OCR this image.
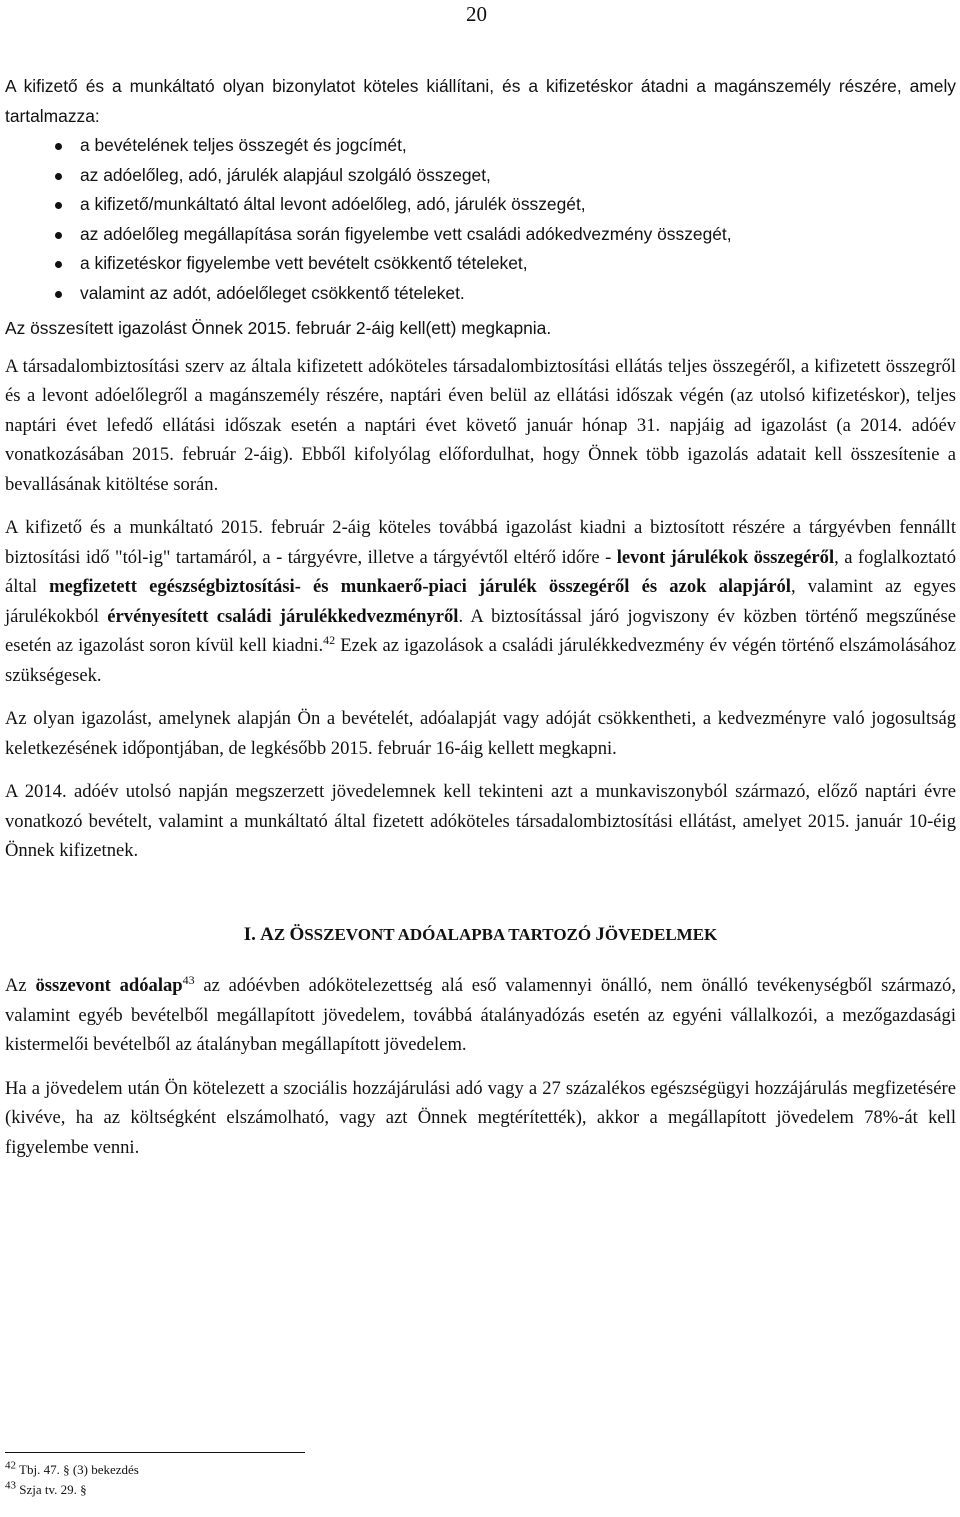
20

A kifizető és a munkáltató olyan bizonylatot köteles kiállítani, és a kifizetéskor átadni a magánszemély részére, amely tartalmazza:

a bevételének teljes összegét és jogcímét,
az adóelőleg, adó, járulék alapjául szolgáló összeget,
a kifizető/munkáltató által levont adóelőleg, adó, járulék összegét,
az adóelőleg megállapítása során figyelembe vett családi adókedvezmény összegét,
a kifizetéskor figyelembe vett bevételt csökkentő tételeket,
valamint az adót, adóelőleget csökkentő tételeket.

Az összesített igazolást Önnek 2015. február 2-áig kell(ett) megkapnia.

A társadalombiztosítási szerv az általa kifizetett adóköteles társadalombiztosítási ellátás teljes összegéről, a kifizetett összegről és a levont adóelőlegről a magánszemély részére, naptári éven belül az ellátási időszak végén (az utolsó kifizetéskor), teljes naptári évet lefedő ellátási időszak esetén a naptári évet követő január hónap 31. napjáig ad igazolást (a 2014. adóév vonatkozásában 2015. február 2-áig). Ebből kifolyólag előfordulhat, hogy Önnek több igazolás adatait kell összesítenie a bevallásának kitöltése során.

A kifizető és a munkáltató 2015. február 2-áig köteles továbbá igazolást kiadni a biztosított részére a tárgyévben fennállt biztosítási idő "tól-ig" tartamáról, a - tárgyévre, illetve a tárgyévtől eltérő időre - levont járulékok összegéről, a foglalkoztató által megfizetett egészségbiztosítási- és munkaerő-piaci járulék összegéről és azok alapjáról, valamint az egyes járulékokból érvényesített családi járulékkedvezményről. A biztosítással járó jogviszony év közben történő megszűnése esetén az igazolást soron kívül kell kiadni.$^{42}$ Ezek az igazolások a családi járulékkedvezmény év végén történő elszámolásához szükségesek.

Az olyan igazolást, amelynek alapján Ön a bevételét, adóalapját vagy adóját csökkentheti, a kedvezményre való jogosultság keletkezésének időpontjában, de legkésőbb 2015. február 16-áig kellett megkapni.

A 2014. adóév utolsó napján megszerzett jövedelemnek kell tekinteni azt a munkaviszonyból származó, előző naptári évre vonatkozó bevételt, valamint a munkáltató által fizetett adóköteles társadalombiztosítási ellátást, amelyet 2015. január 10-éig Önnek kifizetnek.

I. AZ ÖSSZEVONT ADÓALAPBA TARTOZÓ JÖVEDELMEK

Az összevont adóalap$^{43}$ az adóévben adókötelezettség alá eső valamennyi önálló, nem önálló tevékenységből származó, valamint egyéb bevételből megállapított jövedelem, továbbá átalányadózás esetén az egyéni vállalkozói, a mezőgazdasági kistermelői bevételből az átalányban megállapított jövedelem.

Ha a jövedelem után Ön kötelezett a szociális hozzájárulási adó vagy a 27 százalékos egészségügyi hozzájárulás megfizetésére (kivéve, ha az költségként elszámolható, vagy azt Önnek megtérítették), akkor a megállapított jövedelem 78%-át kell figyelembe venni.

$^{42}$ Tbj. 47. § (3) bekezdés
$^{43}$ Szja tv. 29. §
